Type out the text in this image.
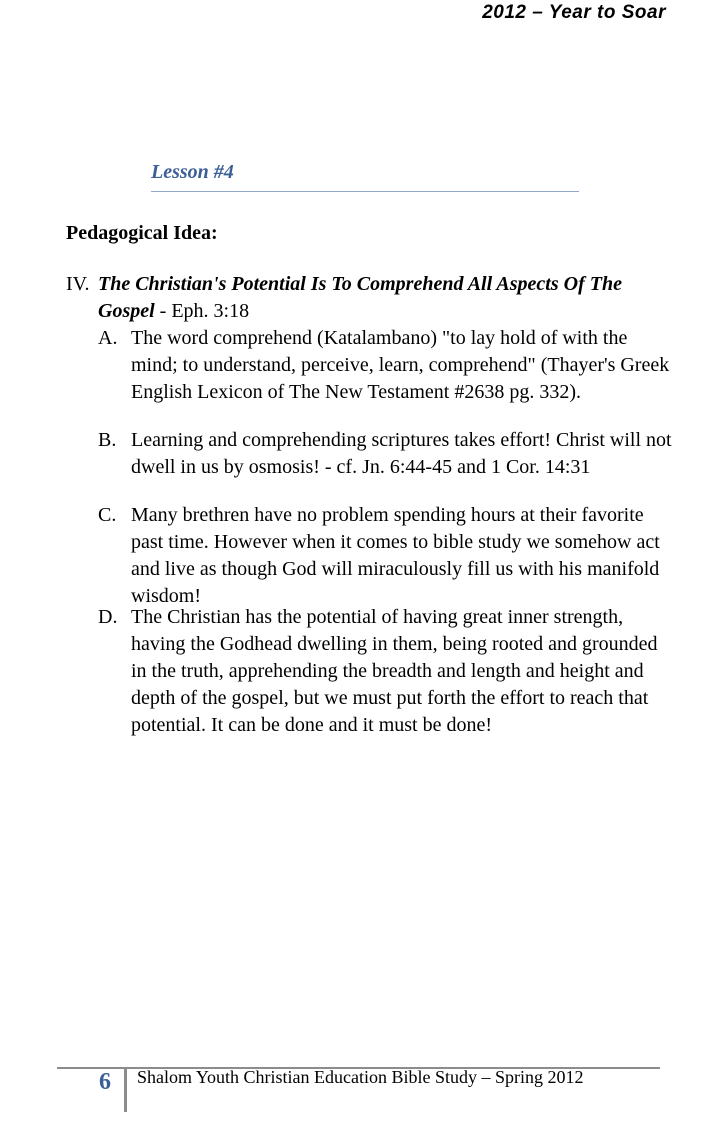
2012 – Year to Soar
Lesson #4
Pedagogical Idea:
IV. The Christian's Potential Is To Comprehend All Aspects Of The Gospel - Eph. 3:18
A. The word comprehend (Katalambano) "to lay hold of with the mind; to understand, perceive, learn, comprehend" (Thayer's Greek English Lexicon of The New Testament #2638 pg. 332).
B. Learning and comprehending scriptures takes effort! Christ will not dwell in us by osmosis! - cf. Jn. 6:44-45 and 1 Cor. 14:31
C. Many brethren have no problem spending hours at their favorite past time. However when it comes to bible study we somehow act and live as though God will miraculously fill us with his manifold wisdom!
D. The Christian has the potential of having great inner strength, having the Godhead dwelling in them, being rooted and grounded in the truth, apprehending the breadth and length and height and depth of the gospel, but we must put forth the effort to reach that potential. It can be done and it must be done!
6 Shalom Youth Christian Education Bible Study – Spring 2012
